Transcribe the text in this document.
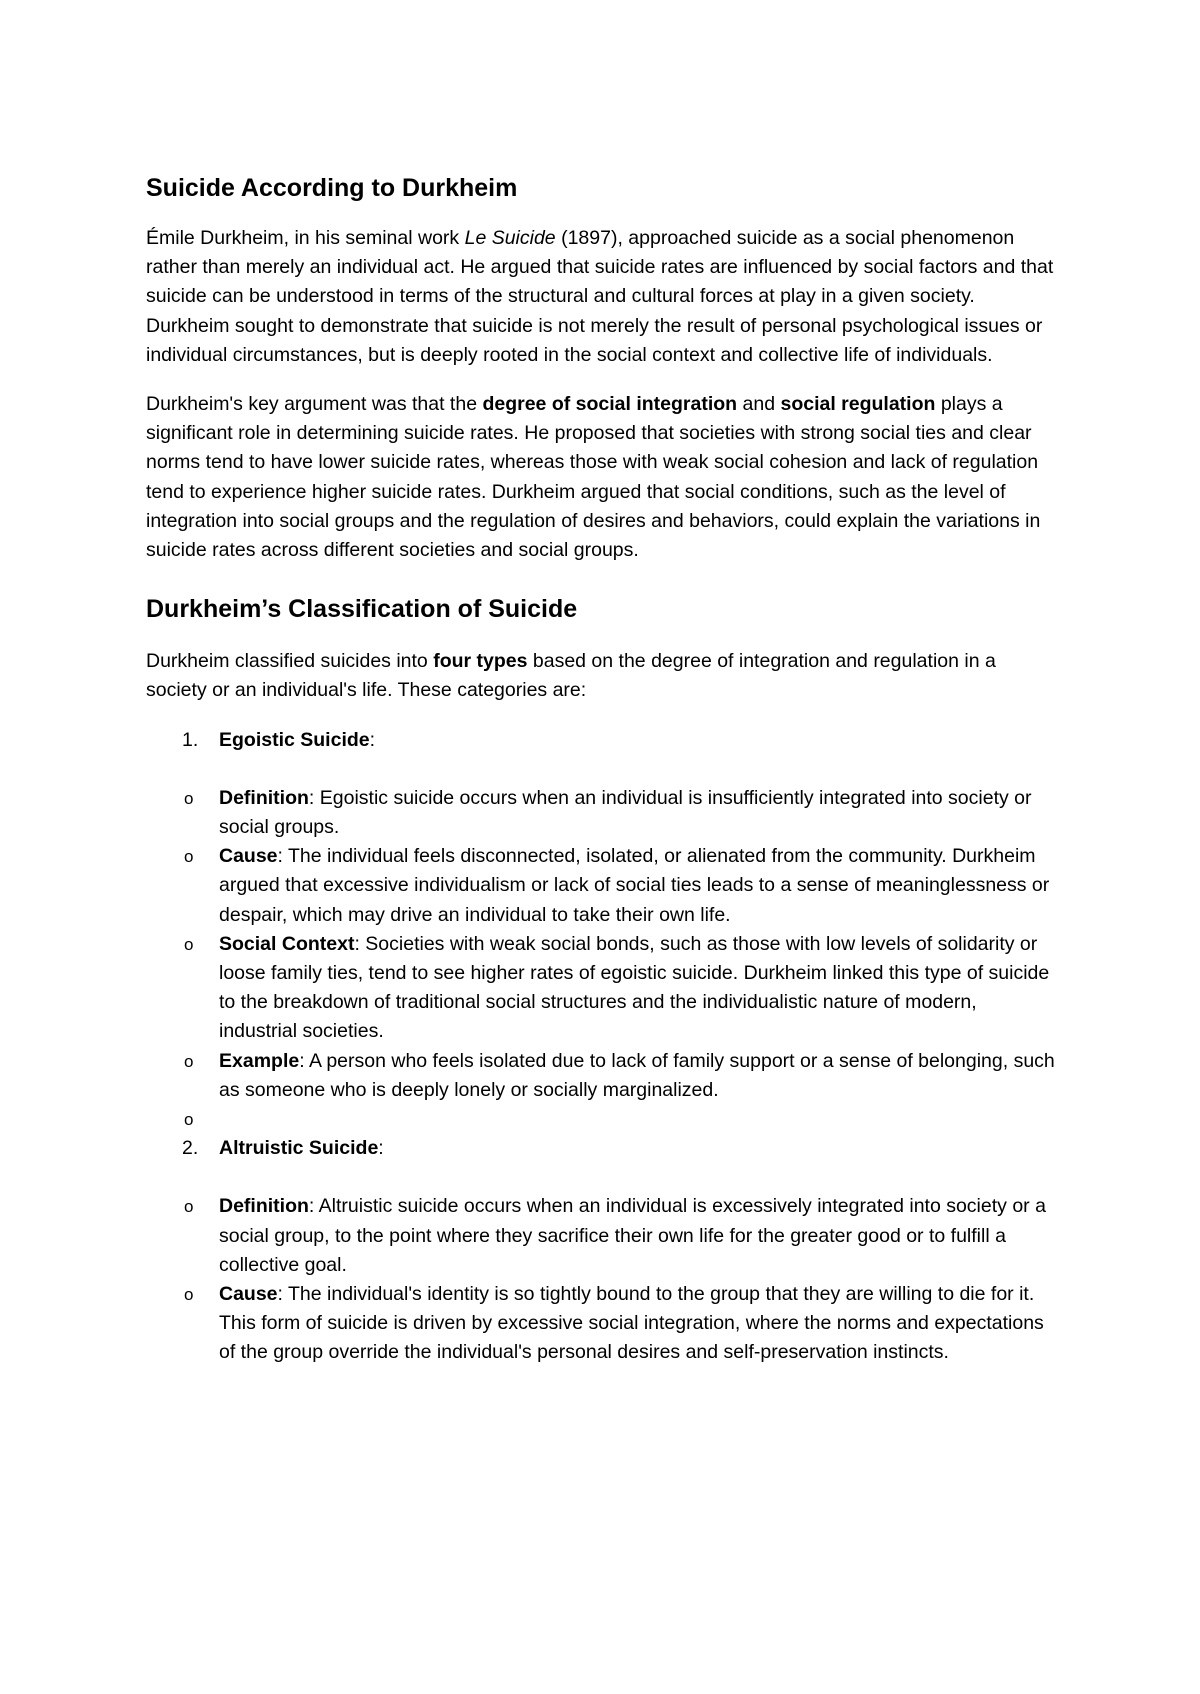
Suicide According to Durkheim

Émile Durkheim, in his seminal work Le Suicide (1897), approached suicide as a social phenomenon rather than merely an individual act. He argued that suicide rates are influenced by social factors and that suicide can be understood in terms of the structural and cultural forces at play in a given society. Durkheim sought to demonstrate that suicide is not merely the result of personal psychological issues or individual circumstances, but is deeply rooted in the social context and collective life of individuals.

Durkheim's key argument was that the degree of social integration and social regulation plays a significant role in determining suicide rates. He proposed that societies with strong social ties and clear norms tend to have lower suicide rates, whereas those with weak social cohesion and lack of regulation tend to experience higher suicide rates. Durkheim argued that social conditions, such as the level of integration into social groups and the regulation of desires and behaviors, could explain the variations in suicide rates across different societies and social groups.

Durkheim’s Classification of Suicide

Durkheim classified suicides into four types based on the degree of integration and regulation in a society or an individual's life. These categories are:

1. Egoistic Suicide:
o Definition: Egoistic suicide occurs when an individual is insufficiently integrated into society or social groups.
o Cause: The individual feels disconnected, isolated, or alienated from the community. Durkheim argued that excessive individualism or lack of social ties leads to a sense of meaninglessness or despair, which may drive an individual to take their own life.
o Social Context: Societies with weak social bonds, such as those with low levels of solidarity or loose family ties, tend to see higher rates of egoistic suicide. Durkheim linked this type of suicide to the breakdown of traditional social structures and the individualistic nature of modern, industrial societies.
o Example: A person who feels isolated due to lack of family support or a sense of belonging, such as someone who is deeply lonely or socially marginalized.
o
2. Altruistic Suicide:
o Definition: Altruistic suicide occurs when an individual is excessively integrated into society or a social group, to the point where they sacrifice their own life for the greater good or to fulfill a collective goal.
o Cause: The individual's identity is so tightly bound to the group that they are willing to die for it. This form of suicide is driven by excessive social integration, where the norms and expectations of the group override the individual's personal desires and self-preservation instincts.
